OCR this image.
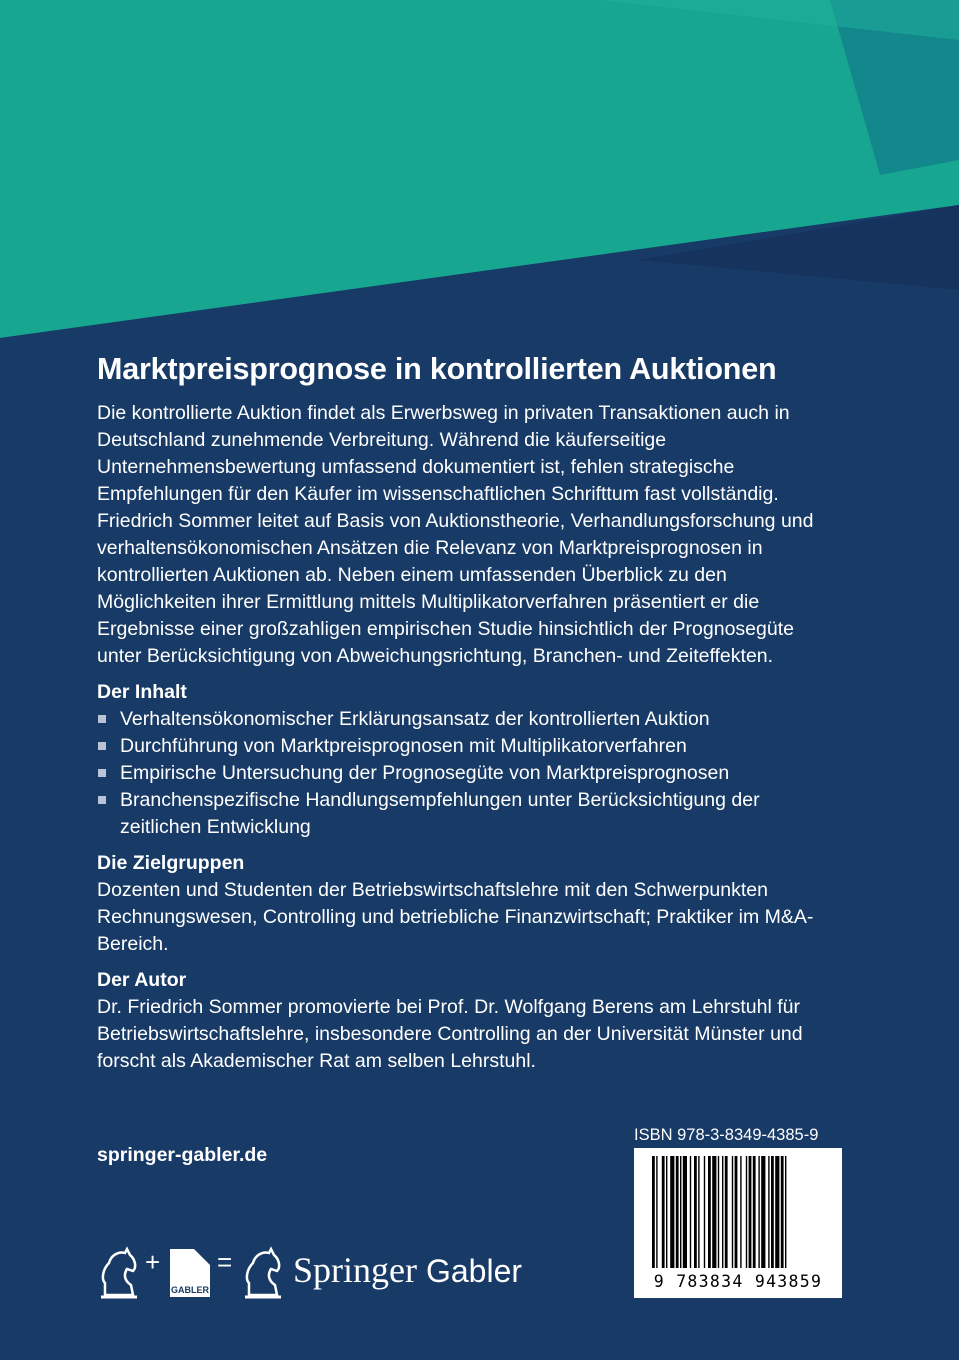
Marktpreisprognose in kontrollierten Auktionen

Die kontrollierte Auktion findet als Erwerbsweg in privaten Transaktionen auch in Deutschland zunehmende Verbreitung. Während die käuferseitige Unternehmensbewertung umfassend dokumentiert ist, fehlen strategische Empfehlungen für den Käufer im wissenschaftlichen Schrifttum fast vollständig. Friedrich Sommer leitet auf Basis von Auktionstheorie, Verhandlungsforschung und verhaltensökonomischen Ansätzen die Relevanz von Marktpreisprognosen in kontrollierten Auktionen ab. Neben einem umfassenden Überblick zu den Möglichkeiten ihrer Ermittlung mittels Multiplikatorverfahren präsentiert er die Ergebnisse einer großzahligen empirischen Studie hinsichtlich der Prognosegüte unter Berücksichtigung von Abweichungsrichtung, Branchen- und Zeiteffekten.

Der Inhalt

Verhaltensökonomischer Erklärungsansatz der kontrollierten Auktion
Durchführung von Marktpreisprognosen mit Multiplikatorverfahren
Empirische Untersuchung der Prognosegüte von Marktpreisprognosen
Branchenspezifische Handlungsempfehlungen unter Berücksichtigung der zeitlichen Entwicklung

Die Zielgruppen

Dozenten und Studenten der Betriebswirtschaftslehre mit den Schwerpunkten Rechnungswesen, Controlling und betriebliche Finanzwirtschaft; Praktiker im M&A-Bereich.

Der Autor

Dr. Friedrich Sommer promovierte bei Prof. Dr. Wolfgang Berens am Lehrstuhl für Betriebswirtschaftslehre, insbesondere Controlling an der Universität Münster und forscht als Akademischer Rat am selben Lehrstuhl.

springer-gabler.de
ISBN 978-3-8349-4385-9
9 783834 943859
+
GABLER
= Springer Gabler
